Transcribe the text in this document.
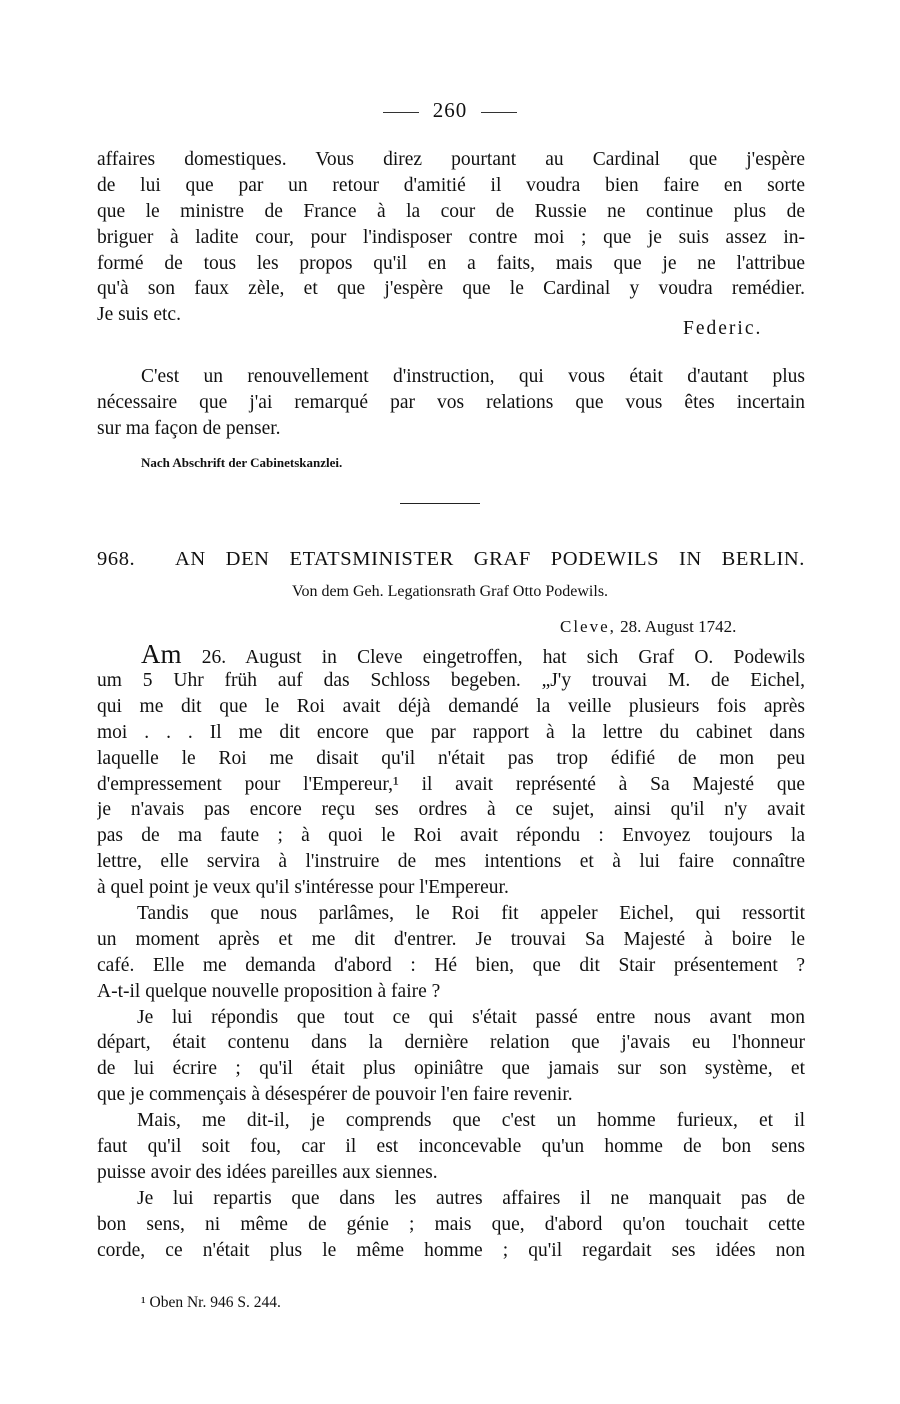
260
affaires domestiques. Vous direz pourtant au Cardinal que j'espère
de lui que par un retour d'amitié il voudra bien faire en sorte
que le ministre de France à la cour de Russie ne continue plus de
briguer à ladite cour, pour l'indisposer contre moi ; que je suis assez in-
formé de tous les propos qu'il en a faits, mais que je ne l'attribue
qu'à son faux zèle, et que j'espère que le Cardinal y voudra remédier.
Je suis etc.
Federic.
C'est un renouvellement d'instruction, qui vous était d'autant plus
nécessaire que j'ai remarqué par vos relations que vous êtes incertain
sur ma façon de penser.
Nach Abschrift der Cabinetskanzlei.
968. AN DEN ETATSMINISTER GRAF PODEWILS IN BERLIN.
Von dem Geh. Legationsrath Graf Otto Podewils.
Cleve, 28. August 1742.
Am 26. August in Cleve eingetroffen, hat sich Graf O. Podewils
um 5 Uhr früh auf das Schloss begeben. „J'y trouvai M. de Eichel,
qui me dit que le Roi avait déjà demandé la veille plusieurs fois après
moi . . . Il me dit encore que par rapport à la lettre du cabinet dans
laquelle le Roi me disait qu'il n'était pas trop édifié de mon peu
d'empressement pour l'Empereur,¹ il avait représenté à Sa Majesté que
je n'avais pas encore reçu ses ordres à ce sujet, ainsi qu'il n'y avait
pas de ma faute ; à quoi le Roi avait répondu : Envoyez toujours la
lettre, elle servira à l'instruire de mes intentions et à lui faire connaître
à quel point je veux qu'il s'intéresse pour l'Empereur.
Tandis que nous parlâmes, le Roi fit appeler Eichel, qui ressortit
un moment après et me dit d'entrer. Je trouvai Sa Majesté à boire le
café. Elle me demanda d'abord : Hé bien, que dit Stair présentement ?
A-t-il quelque nouvelle proposition à faire ?
Je lui répondis que tout ce qui s'était passé entre nous avant mon
départ, était contenu dans la dernière relation que j'avais eu l'honneur
de lui écrire ; qu'il était plus opiniâtre que jamais sur son système, et
que je commençais à désespérer de pouvoir l'en faire revenir.
Mais, me dit-il, je comprends que c'est un homme furieux, et il
faut qu'il soit fou, car il est inconcevable qu'un homme de bon sens
puisse avoir des idées pareilles aux siennes.
Je lui repartis que dans les autres affaires il ne manquait pas de
bon sens, ni même de génie ; mais que, d'abord qu'on touchait cette
corde, ce n'était plus le même homme ; qu'il regardait ses idées non
¹ Oben Nr. 946 S. 244.
